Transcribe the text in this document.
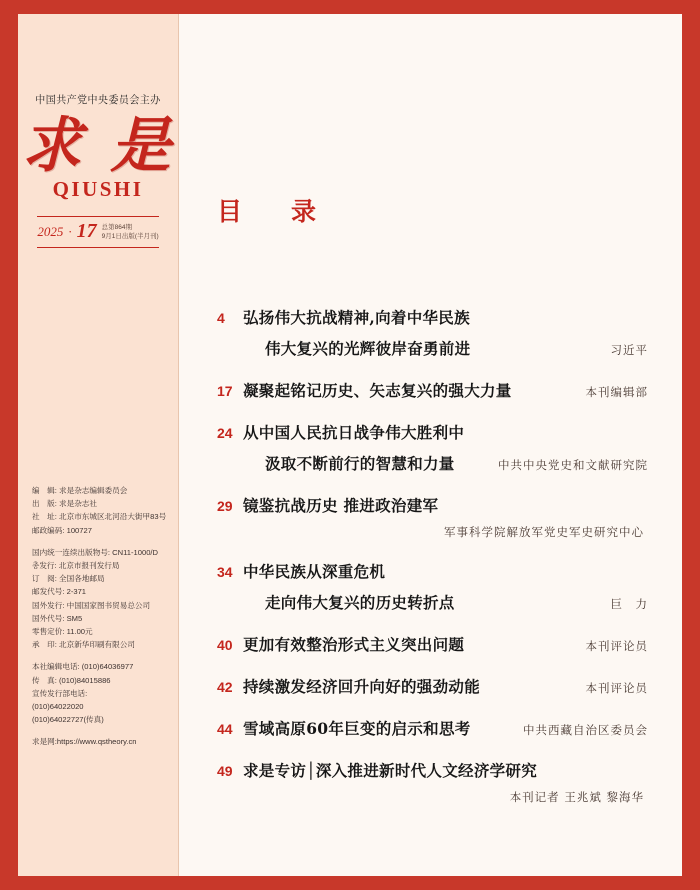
中国共产党中央委员会主办
求 是
QIUSHI
2025 · 17 总第864期
9月1日出版(半月刊)
编　辑: 求是杂志编辑委员会
出　版: 求是杂志社
社　址: 北京市东城区北河沿大街甲83号
邮政编码: 100727
国内统一连续出版物号: CN11-1000/D
총发行: 北京市报刊发行局
订　阅: 全国各地邮局
邮发代号: 2-371
国外发行: 中国国家图书贸易总公司
国外代号: SM5
零售定价: 11.00元
承　印: 北京新华印刷有限公司
本社编辑电话: (010)64036977
传　真: (010)84015886
宣传发行部电话:
(010)64022020
(010)64022727(传真)
求是网:https://www.qstheory.cn
目　录
4	弘扬伟大抗战精神,向着中华民族
伟大复兴的光辉彼岸奋勇前进	习近平
17 凝聚起铭记历史、矢志复兴的强大力量	本刊编辑部
24 从中国人民抗日战争伟大胜利中
汲取不断前行的智慧和力量	中共中央党史和文献研究院
29 镜鉴抗战历史 推进政治建军
军事科学院解放军党史军史研究中心
34 中华民族从深重危机
走向伟大复兴的历史转折点	巨　力
40 更加有效整治形式主义突出问题	本刊评论员
42 持续激发经济回升向好的强劲动能	本刊评论员
44 雪域高原60年巨变的启示和思考	中共西藏自治区委员会
49 求是专访│深入推进新时代人文经济学研究
本刊记者 王兆斌 黎海华
